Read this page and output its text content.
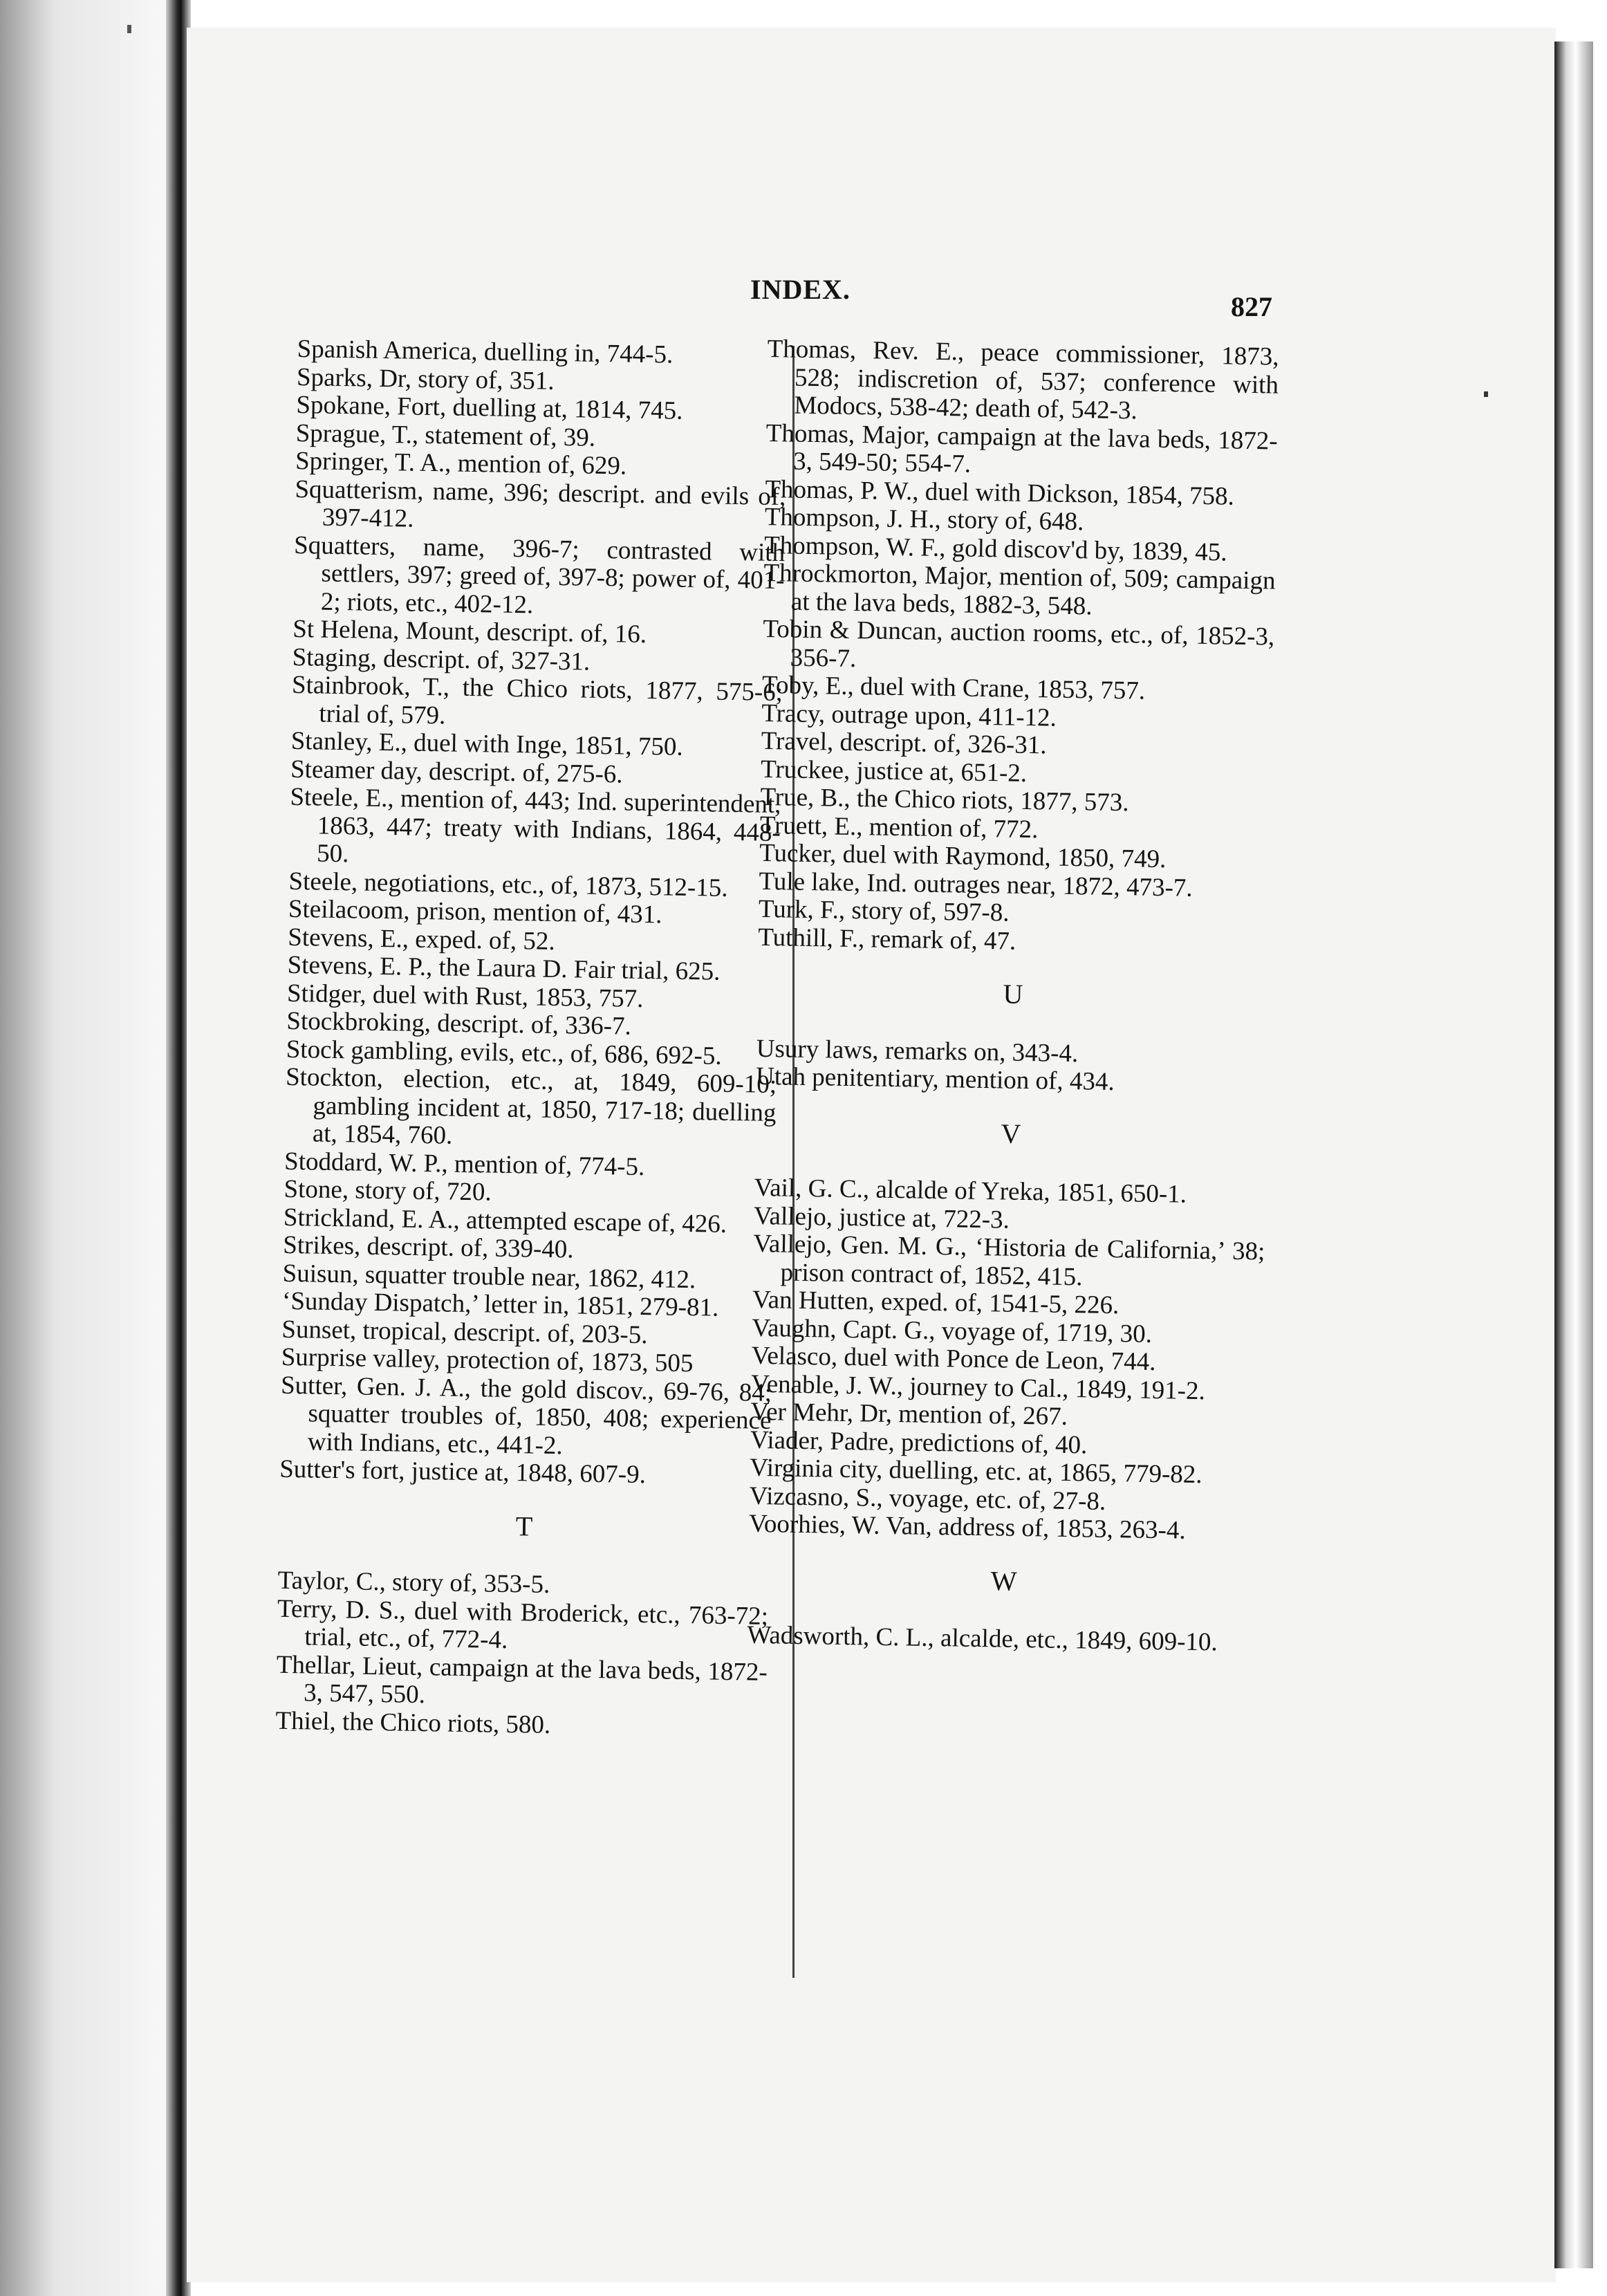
INDEX.
827
Spanish America, duelling in, 744-5.
Sparks, Dr, story of, 351.
Spokane, Fort, duelling at, 1814, 745.
Sprague, T., statement of, 39.
Springer, T. A., mention of, 629.
Squatterism, name, 396; descript. and evils of, 397-412.
Squatters, name, 396-7; contrasted with settlers, 397; greed of, 397-8; power of, 401-2; riots, etc., 402-12.
St Helena, Mount, descript. of, 16.
Staging, descript. of, 327-31.
Stainbrook, T., the Chico riots, 1877, 575-6; trial of, 579.
Stanley, E., duel with Inge, 1851, 750.
Steamer day, descript. of, 275-6.
Steele, E., mention of, 443; Ind. superintendent, 1863, 447; treaty with Indians, 1864, 448-50.
Steele, negotiations, etc., of, 1873, 512-15.
Steilacoom, prison, mention of, 431.
Stevens, E., exped. of, 52.
Stevens, E. P., the Laura D. Fair trial, 625.
Stidger, duel with Rust, 1853, 757.
Stockbroking, descript. of, 336-7.
Stock gambling, evils, etc., of, 686, 692-5.
Stockton, election, etc., at, 1849, 609-10; gambling incident at, 1850, 717-18; duelling at, 1854, 760.
Stoddard, W. P., mention of, 774-5.
Stone, story of, 720.
Strickland, E. A., attempted escape of, 426.
Strikes, descript. of, 339-40.
Suisun, squatter trouble near, 1862, 412.
‘Sunday Dispatch,’ letter in, 1851, 279-81.
Sunset, tropical, descript. of, 203-5.
Surprise valley, protection of, 1873, 505
Sutter, Gen. J. A., the gold discov., 69-76, 84; squatter troubles of, 1850, 408; experience with Indians, etc., 441-2.
Sutter's fort, justice at, 1848, 607-9.
T
Taylor, C., story of, 353-5.
Terry, D. S., duel with Broderick, etc., 763-72; trial, etc., of, 772-4.
Thellar, Lieut, campaign at the lava beds, 1872-3, 547, 550.
Thiel, the Chico riots, 580.
Thomas, Rev. E., peace commissioner, 1873, 528; indiscretion of, 537; conference with Modocs, 538-42; death of, 542-3.
Thomas, Major, campaign at the lava beds, 1872-3, 549-50; 554-7.
Thomas, P. W., duel with Dickson, 1854, 758.
Thompson, J. H., story of, 648.
Thompson, W. F., gold discov'd by, 1839, 45.
Throckmorton, Major, mention of, 509; campaign at the lava beds, 1882-3, 548.
Tobin & Duncan, auction rooms, etc., of, 1852-3, 356-7.
Toby, E., duel with Crane, 1853, 757.
Tracy, outrage upon, 411-12.
Travel, descript. of, 326-31.
Truckee, justice at, 651-2.
True, B., the Chico riots, 1877, 573.
Truett, E., mention of, 772.
Tucker, duel with Raymond, 1850, 749.
Tule lake, Ind. outrages near, 1872, 473-7.
Turk, F., story of, 597-8.
Tuthill, F., remark of, 47.
U
Usury laws, remarks on, 343-4.
Utah penitentiary, mention of, 434.
V
Vail, G. C., alcalde of Yreka, 1851, 650-1.
Vallejo, justice at, 722-3.
Vallejo, Gen. M. G., ‘Historia de California,’ 38; prison contract of, 1852, 415.
Van Hutten, exped. of, 1541-5, 226.
Vaughn, Capt. G., voyage of, 1719, 30.
Velasco, duel with Ponce de Leon, 744.
Venable, J. W., journey to Cal., 1849, 191-2.
Ver Mehr, Dr, mention of, 267.
Viader, Padre, predictions of, 40.
Virginia city, duelling, etc. at, 1865, 779-82.
Vizcasno, S., voyage, etc. of, 27-8.
Voorhies, W. Van, address of, 1853, 263-4.
W
Wadsworth, C. L., alcalde, etc., 1849, 609-10.
